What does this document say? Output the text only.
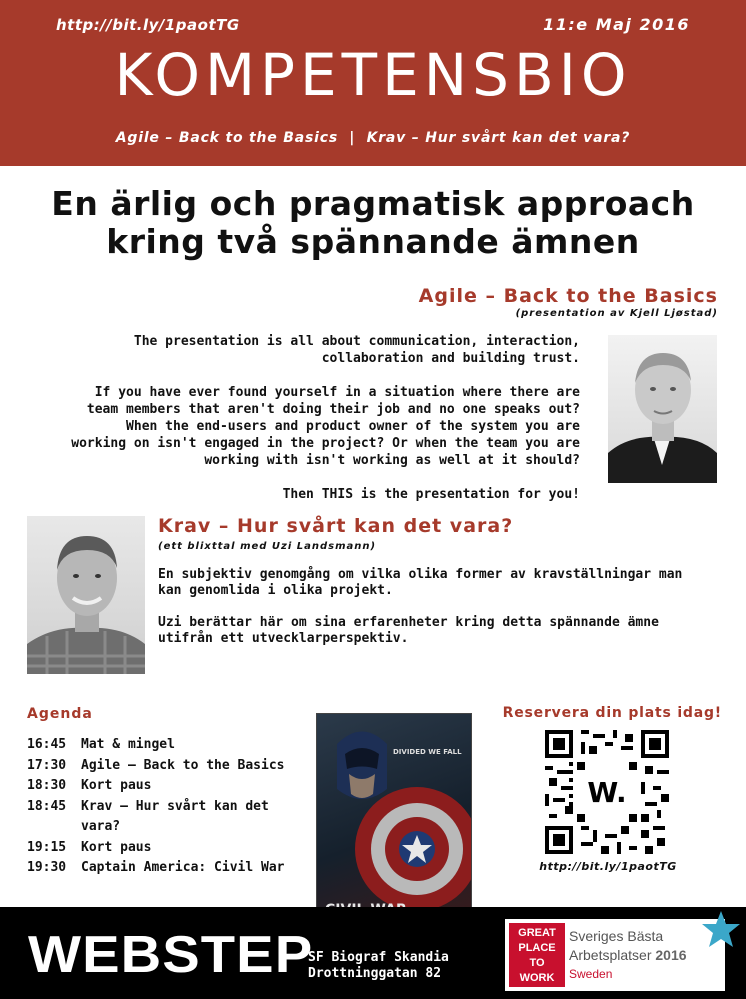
http://bit.ly/1paotTG	11:e Maj 2016
KOMPETENSBIO
Agile – Back to the Basics  |  Krav – Hur svårt kan det vara?
En ärlig och pragmatisk approach
kring två spännande ämnen
Agile – Back to the Basics
(presentation av Kjell Ljøstad)

The presentation is all about communication, interaction, collaboration and building trust.

If you have ever found yourself in a situation where there are team members that aren't doing their job and no one speaks out? When the end-users and product owner of the system you are working on isn't engaged in the project? Or when the team you are working with isn't working as well at it should?

Then THIS is the presentation for you!

Krav – Hur svårt kan det vara?
(ett blixttal med Uzi Landsmann)

En subjektiv genomgång om vilka olika former av kravställningar man kan genomlida i olika projekt.

Uzi berättar här om sina erfarenheter kring detta spännande ämne utifrån ett utvecklarperspektiv.

Agenda
16:45	Mat & mingel
17:30	Agile – Back to the Basics
18:30	Kort paus
18:45	Krav – Hur svårt kan det vara?
19:15	Kort paus
19:30	Captain America: Civil War
DIVIDED WE FALL
Reservera din plats idag!
W.
http://bit.ly/1paotTG
WEBSTEP
SF Biograf Skandia
Drottninggatan 82
GREAT
PLACE
TO
WORK
Sveriges Bästa
Arbetsplatser 2016
Sweden
